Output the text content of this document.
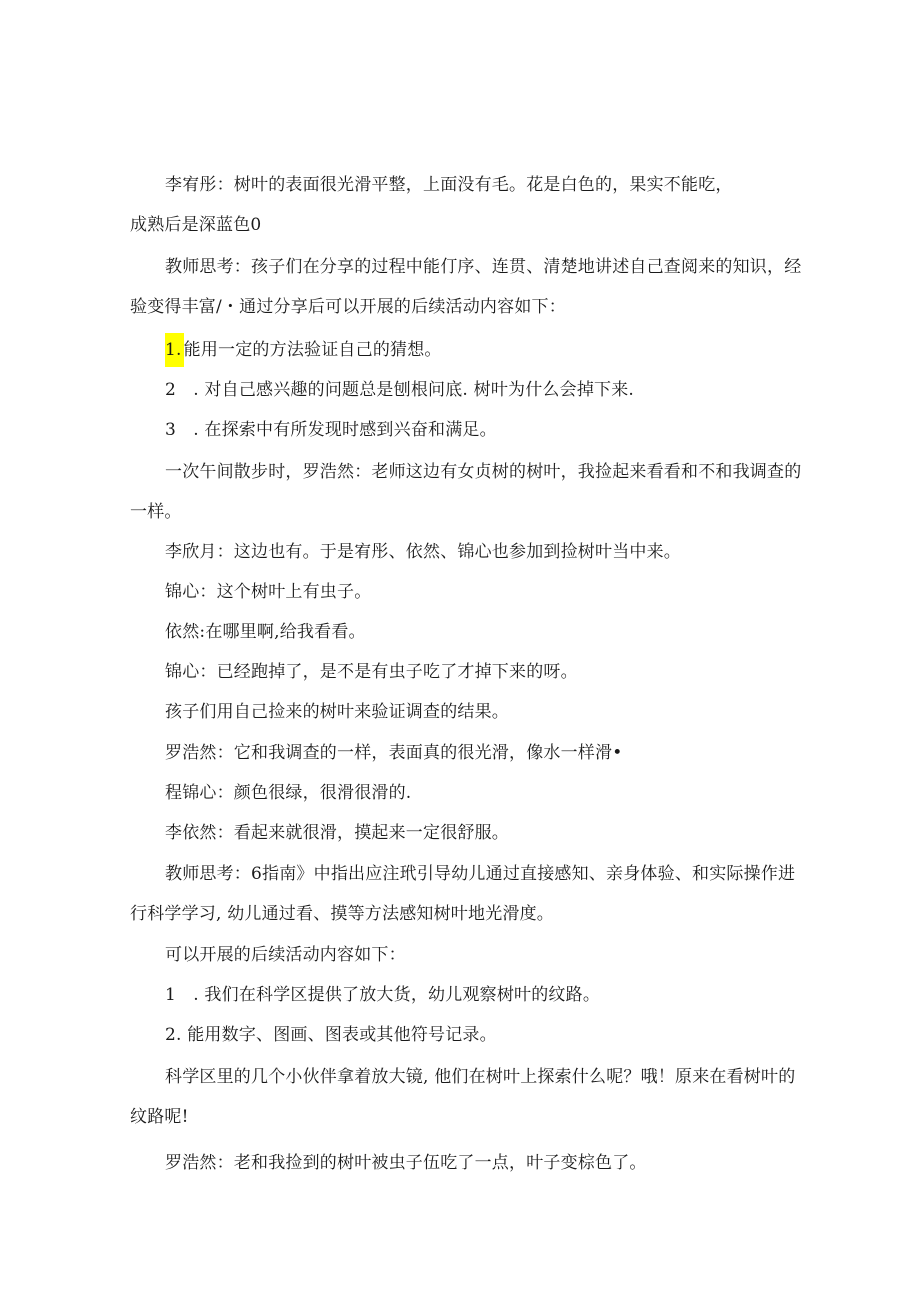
李宥彤：树叶的表面很光滑平整，上面没有毛。花是白色的，果实不能吃，
成熟后是深蓝色0
教师思考：孩子们在分享的过程中能仃序、连贯、清楚地讲述自己查阅来的知识，经
验变得丰富/・通过分享后可以开展的后续活动内容如下：
1. 能用一定的方法验证自己的猜想。
2　. 对自己感兴趣的问题总是刨根问底. 树叶为什么会掉下来.
3　. 在探索中有所发现时感到兴奋和满足。
一次午间散步时，罗浩然：老师这边有女贞树的树叶，我捡起来看看和不和我调查的
一样。
李欣月：这边也有。于是宥彤、依然、锦心也参加到捡树叶当中来。
锦心：这个树叶上有虫子。
依然:在哪里啊,给我看看。
锦心：已经跑掉了，是不是有虫子吃了才掉下来的呀。
孩子们用自己捡来的树叶来验证调查的结果。
罗浩然：它和我调查的一样，表面真的很光滑，像水一样滑•
程锦心：颜色很绿，很滑很滑的.
李依然：看起来就很滑，摸起来一定很舒服。
教师思考：6指南》中指出应注玳引导幼儿通过直接感知、亲身体验、和实际操作进
行科学学习, 幼儿通过看、摸等方法感知树叶地光滑度。
可以开展的后续活动内容如下：
1　. 我们在科学区提供了放大货，幼儿观察树叶的纹路。
2. 能用数字、图画、图表或其他符号记录。
科学区里的几个小伙伴拿着放大镜, 他们在树叶上探索什么呢？哦！原来在看树叶的
纹路呢!
罗浩然：老和我捡到的树叶被虫子伍吃了一点，叶子变棕色了。
